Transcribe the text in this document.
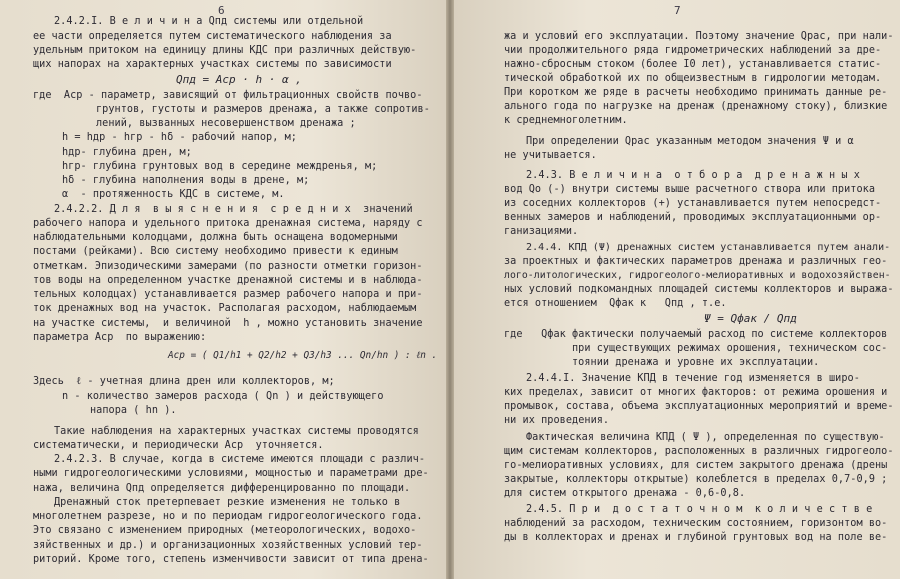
6
2.4.2.I. В е л и ч и н а Qпд системы или отдельной
ее части определяется путем систематического наблюдения за
удельным притоком на единицу длины КДС при различных действую-
щих напорах на характерных участках системы по зависимости
Qпд = Аср · h · α ,
где  Аср - параметр, зависящий от фильтрационных свойств почво-
грунтов, густоты и размеров дренажа, а также сопротив-
лений, вызванных несовершенством дренажа ;
h = hдр - hгр - hδ - рабочий напор, м;
hдр- глубина дрен, м;
hгр- глубина грунтовых вод в середине междренья, м;
hδ - глубина наполнения воды в дрене, м;
α  - протяженность КДС в системе, м.
2.4.2.2. Д л я  в ы я с н е н и я  с р е д н и х  значений
рабочего напора и удельного притока дренажная система, наряду с
наблюдательными колодцами, должна быть оснащена водомерными
постами (рейками). Всю систему необходимо привести к единым
отметкам. Эпизодическими замерами (по разности отметки горизон-
тов воды на определенном участке дренажной системы и в наблюда-
тельных колодцах) устанавливается размер рабочего напора и при-
ток дренажных вод на участок. Располагая расходом, наблюдаемым
на участке системы,  и величиной  h , можно установить значение
параметра Аср  по выражению:
Аср = ( Q1/h1 + Q2/h2 + Q3/h3 ... Qn/hn ) : ℓn .
Здесь  ℓ - учетная длина дрен или коллекторов, м;
n - количество замеров расхода ( Qn ) и действующего
напора ( hn ).
Такие наблюдения на характерных участках системы проводятся
систематически, и периодически Аср  уточняется.
2.4.2.3. В случае, когда в системе имеются площади с различ-
ными гидрогеологическими условиями, мощностью и параметрами дре-
нажа, величина Qпд определяется дифференцированно по площади.
Дренажный сток претерпевает резкие изменения не только в
многолетнем разрезе, но и по периодам гидрогеологического года.
Это связано с изменением природных (метеорологических, водохо-
зяйственных и др.) и организационных хозяйственных условий тер-
риторий. Кроме того, степень изменчивости зависит от типа дрена-
7
жа и условий его эксплуатации. Поэтому значение Qрас, при нали-
чии продолжительного ряда гидрометрических наблюдений за дре-
нажно-сбросным стоком (более I0 лет), устанавливается статис-
тической обработкой их по общеизвестным в гидрологии методам.
При коротком же ряде в расчеты необходимо принимать данные ре-
ального года по нагрузке на дренаж (дренажному стоку), близкие
к среднемноголетним.
При определении Qрас указанным методом значения Ψ и α
не учитывается.
2.4.3. В е л и ч и н а  о т б о р а  д р е н а ж н ы х
вод Qo (-) внутри системы выше расчетного створа или притока
из соседних коллекторов (+) устанавливается путем непосредст-
венных замеров и наблюдений, проводимых эксплуатационными ор-
ганизациями.
2.4.4. КПД (Ψ) дренажных систем устанавливается путем анали-
за проектных и фактических параметров дренажа и различных гео-
лого-литологических, гидрогеолого-мелиоративных и водохозяйствен-
ных условий подкомандных площадей системы коллекторов и выража-
ется отношением  Qфак к   Qпд , т.е.
Ψ = Qфак / Qпд
где   Qфак фактически получаемый расход по системе коллекторов
при существующих режимах орошения, техническом сос-
тоянии дренажа и уровне их эксплуатации.
2.4.4.I. Значение КПД в течение год изменяется в широ-
ких пределах, зависит от многих факторов: от режима орошения и
промывок, состава, объема эксплуатационных мероприятий и време-
ни их проведения.
Фактическая величина КПД ( Ψ ), определенная по существую-
щим системам коллекторов, расположенных в различных гидрогеоло-
го-мелиоративных условиях, для систем закрытого дренажа (дрены
закрытые, коллекторы открытые) колеблется в пределах 0,7-0,9 ;
для систем открытого дренажа - 0,6-0,8.
2.4.5. П р и  д о с т а т о ч н о м  к о л и ч е с т в е
наблюдений за расходом, техническим состоянием, горизонтом во-
ды в коллекторах и дренах и глубиной грунтовых вод на поле ве-
